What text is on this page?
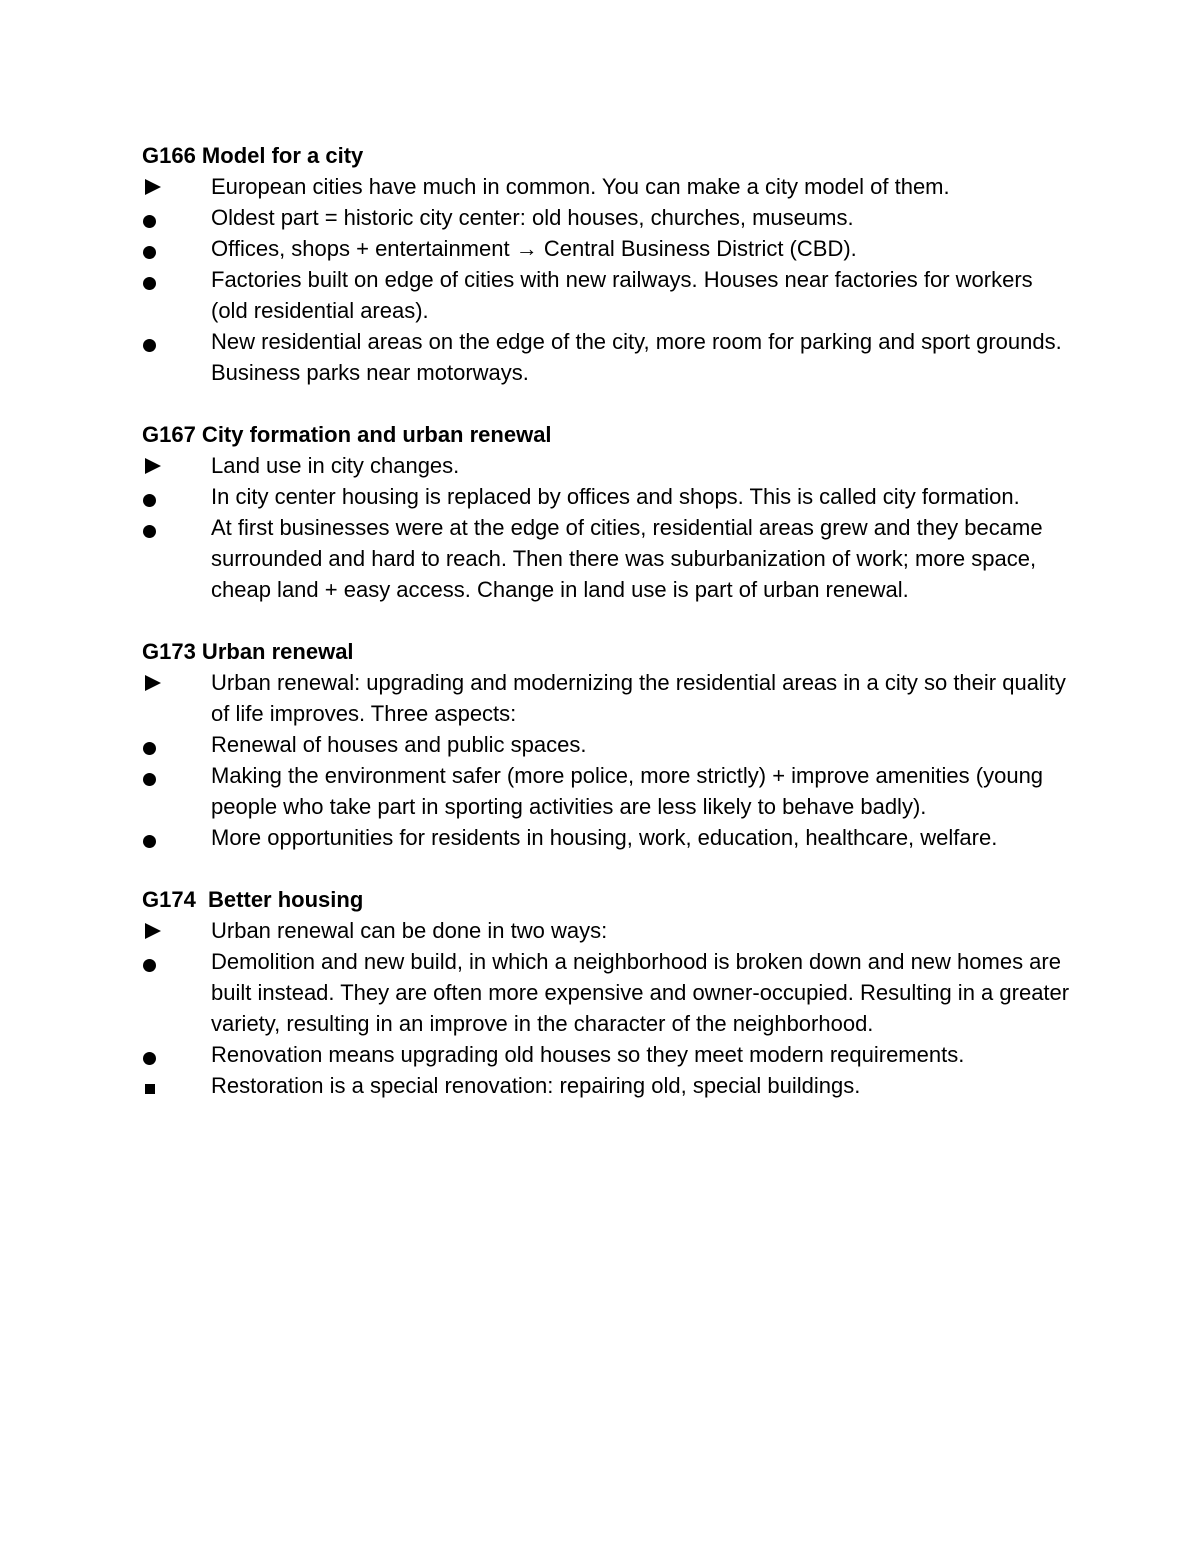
G166 Model for a city
European cities have much in common. You can make a city model of them.
Oldest part = historic city center: old houses, churches, museums.
Offices, shops + entertainment → Central Business District (CBD).
Factories built on edge of cities with new railways. Houses near factories for workers (old residential areas).
New residential areas on the edge of the city, more room for parking and sport grounds. Business parks near motorways.
G167 City formation and urban renewal
Land use in city changes.
In city center housing is replaced by offices and shops. This is called city formation.
At first businesses were at the edge of cities, residential areas grew and they became surrounded and hard to reach. Then there was suburbanization of work; more space, cheap land + easy access. Change in land use is part of urban renewal.
G173 Urban renewal
Urban renewal: upgrading and modernizing the residential areas in a city so their quality of life improves. Three aspects:
Renewal of houses and public spaces.
Making the environment safer (more police, more strictly) + improve amenities (young people who take part in sporting activities are less likely to behave badly).
More opportunities for residents in housing, work, education, healthcare, welfare.
G174  Better housing
Urban renewal can be done in two ways:
Demolition and new build, in which a neighborhood is broken down and new homes are built instead. They are often more expensive and owner-occupied. Resulting in a greater variety, resulting in an improve in the character of the neighborhood.
Renovation means upgrading old houses so they meet modern requirements.
Restoration is a special renovation: repairing old, special buildings.
